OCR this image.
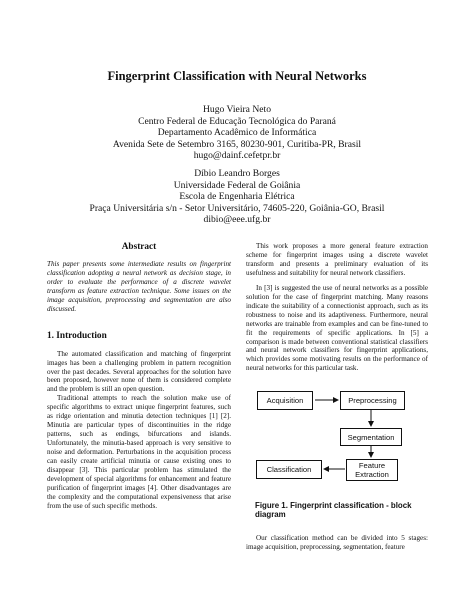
Fingerprint Classification with Neural Networks
Hugo Vieira Neto
Centro Federal de Educação Tecnológica do Paraná
Departamento Acadêmico de Informática
Avenida Sete de Setembro 3165, 80230-901, Curitiba-PR, Brasil
hugo@dainf.cefetpr.br
Díbio Leandro Borges
Universidade Federal de Goiânia
Escola de Engenharia Elétrica
Praça Universitária s/n - Setor Universitário, 74605-220, Goiânia-GO, Brasil
dibio@eee.ufg.br
Abstract

This paper presents some intermediate results on fingerprint classification adopting a neural network as decision stage, in order to evaluate the performance of a discrete wavelet transform as feature extraction technique. Some issues on the image acquisition, preprocessing and segmentation are also discussed.

1. Introduction

The automated classification and matching of fingerprint images has been a challenging problem in pattern recognition over the past decades. Several approaches for the solution have been proposed, however none of them is considered complete and the problem is still an open question.

Traditional attempts to reach the solution make use of specific algorithms to extract unique fingerprint features, such as ridge orientation and minutia detection techniques [1] [2]. Minutia are particular types of discontinuities in the ridge patterns, such as endings, bifurcations and islands. Unfortunately, the minutia-based approach is very sensitive to noise and deformation. Perturbations in the acquisition process can easily create artificial minutia or cause existing ones to disappear [3]. This particular problem has stimulated the development of special algorithms for enhancement and feature purification of fingerprint images [4]. Other disadvantages are the complexity and the computational expensiveness that arise from the use of such specific methods.

This work proposes a more general feature extraction scheme for fingerprint images using a discrete wavelet transform and presents a preliminary evaluation of its usefulness and suitability for neural network classifiers.

In [3] is suggested the use of neural networks as a possible solution for the case of fingerprint matching. Many reasons indicate the suitability of a connectionist approach, such as its robustness to noise and its adaptiveness. Furthermore, neural networks are trainable from examples and can be fine-tuned to fit the requirements of specific applications. In [5] a comparison is made between conventional statistical classifiers and neural network classifiers for fingerprint applications, which provides some motivating results on the performance of neural networks for this particular task.

Acquisition	Preprocessing
Segmentation
Feature
Extraction
Classification
Figure 1. Fingerprint classification - block diagram

Our classification method can be divided into 5 stages: image acquisition, preprocessing, segmentation, feature
